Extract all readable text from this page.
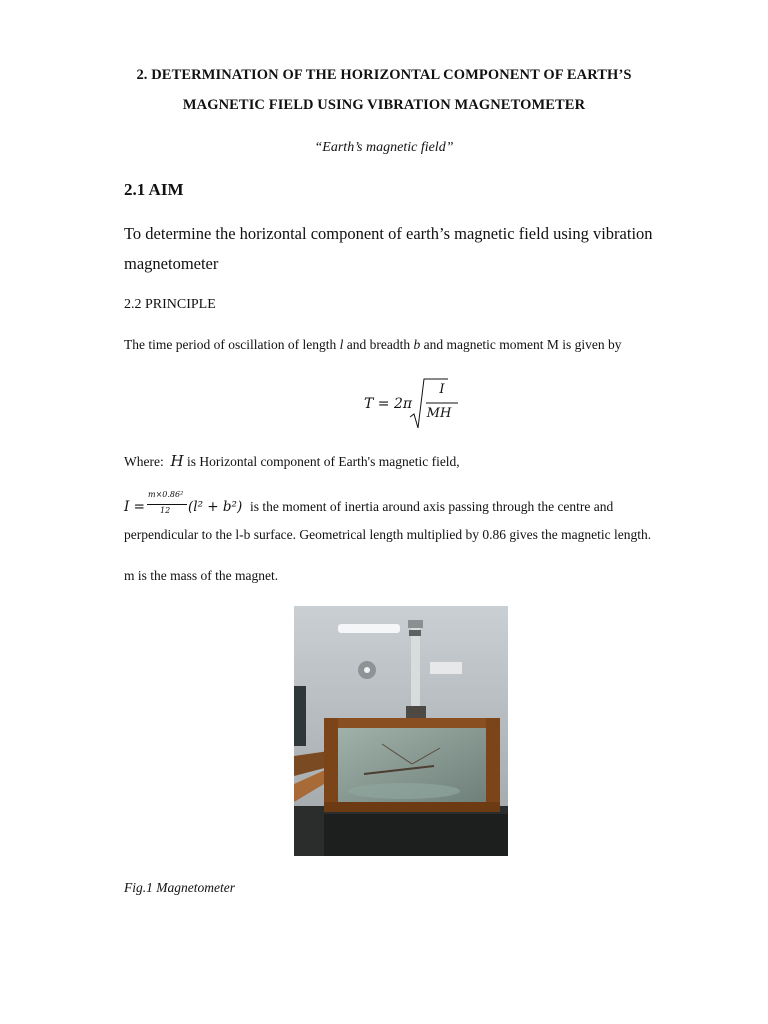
2. DETERMINATION OF THE HORIZONTAL COMPONENT OF EARTH’S
MAGNETIC FIELD USING VIBRATION MAGNETOMETER
“Earth’s magnetic field”
2.1 AIM
To determine the horizontal component of earth’s magnetic field using vibration magnetometer
2.2 PRINCIPLE
The time period of oscillation of length l and breadth b and magnetic moment M is given by
T = 2π
I
MH
Where: H is Horizontal component of Earth's magnetic field,
I =
m×0.86²
12 (l² + b²) is the moment of inertia around axis passing through the centre and
perpendicular to the l-b surface. Geometrical length multiplied by 0.86 gives the magnetic length.
m is the mass of the magnet.
Fig.1 Magnetometer
